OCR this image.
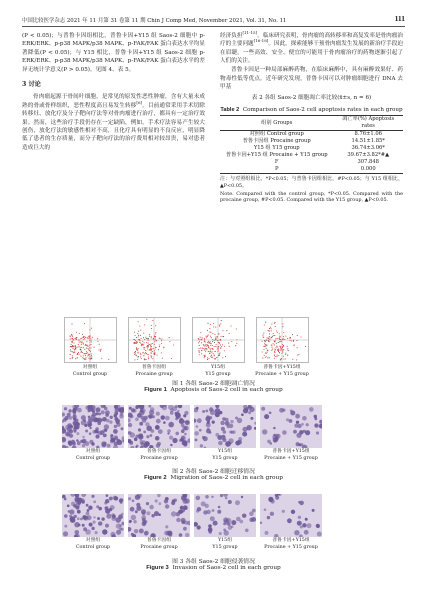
中国比较医学杂志 2021 年 11 月第 31 卷第 11 期 Chin J Comp Med, November 2021, Vol. 31, No. 11	111

(P < 0.05)；与普鲁卡因组相比，普鲁卡因+Y15 组 Saos-2 细胞中 p-ERK/ERK、p-p38 MAPK/p38 MAPK、p-FAK/FAK 蛋白表达水平均显著降低(P < 0.05)；与 Y15 相比，普鲁卡因+Y15 组 Saos-2 细胞 p-ERK/ERK、p-p38 MAPK/p38 MAPK、p-FAK/FAK 蛋白表达水平的差异无统计学意义(P > 0.05)。见图 4、表 5。

3 讨论

骨肉瘤起源于骨间叶细胞，是常见的原发性恶性肿瘤，含有大量未成熟的骨或骨样组织，恶性程度高且易发生转移[6]。目前通常采用手术切除转移灶、放化疗及分子靶向疗法等对骨肉瘤进行治疗，都具有一定治疗效果。然而，这些治疗手段仍存在一定缺陷，例如，手术疗法容易产生较大创伤，放化疗法的敏感性相对不高，且化疗具有明显的不良反应，明显降低了患者的生存质量，而分子靶向疗法的治疗费用相对较昂贵，易对患者造成巨大的

经济负担[11-15]。临床研究表明，骨肉瘤的高转移率和高复发率是骨肉瘤治疗的主要问题[16-18]。因此，探索能够干预骨肉瘤发生发展的新治疗手段迫在眉睫，一些高效、安全、便宜的可能用于骨肉瘤治疗的药物逐渐引起了人们的关注。

普鲁卡因是一种局部麻醉药物，在临床麻醉中，具有麻醉效果好、药物毒性低等优点。近年研究发现，普鲁卡因可以对肿瘤细胞进行 DNA 去甲基

表 2 各组 Saos-2 细胞凋亡率比较(x̄±s, n = 6)
Table 2 Comparison of Saos-2 cell apoptosis rates in each group
组别 Groups	凋亡率(%) Apoptosis rates
对照组 Control group	8.76±1.06
普鲁卡因组 Procaine group	14.51±1.85*
Y15 组 Y15 group	36.74±3.06*
普鲁卡因+Y15 组 Procaine + Y15 group	39.67±3.82*#▲
F	307.848
P	0.000
注：与对照组相比，*P<0.05；与普鲁卡因组相比，#P<0.05；与 Y15 组相比，▲P<0.05。
Note. Compared with the control group, *P<0.05. Compared with the procaine group, #P<0.05. Compared with the Y15 group, ▲P<0.05.
对照组
Control group
普鲁卡因组
Procaine group
Y15组
Y15 group
普鲁卡因+Y15组
Procaine + Y15 group
图 1 各组 Saos-2 细胞凋亡情况
Figure 1 Apoptosis of Saos-2 cell in each group
对照组
Control group
普鲁卡因组
Procaine group
Y15组
Y15 group
普鲁卡因+Y15组
Procaine + Y15 group
图 2 各组 Saos-2 细胞迁移情况
Figure 2 Migration of Saos-2 cell in each group
对照组
Control group
普鲁卡因组
Procaine group
Y15组
Y15 group
普鲁卡因+Y15组
Procaine + Y15 group
图 3 各组 Saos-2 细胞侵袭情况
Figure 3 Invasion of Saos-2 cell in each group
